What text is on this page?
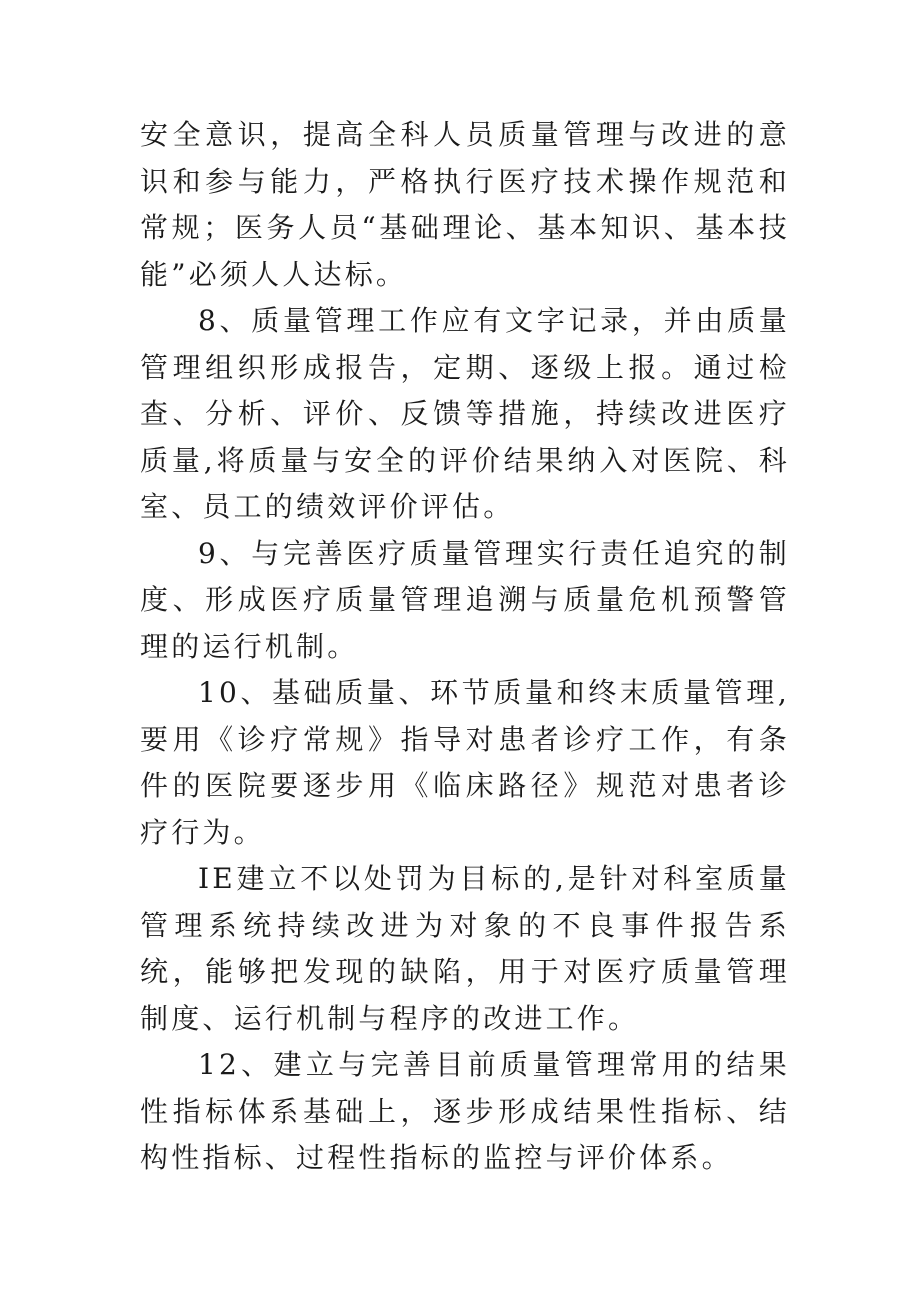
安全意识，提高全科人员质量管理与改进的意识和参与能力，严格执行医疗技术操作规范和常规；医务人员“基础理论、基本知识、基本技能”必须人人达标。

8、质量管理工作应有文字记录，并由质量管理组织形成报告，定期、逐级上报。通过检查、分析、评价、反馈等措施，持续改进医疗质量,将质量与安全的评价结果纳入对医院、科室、员工的绩效评价评估。

9、与完善医疗质量管理实行责任追究的制度、形成医疗质量管理追溯与质量危机预警管理的运行机制。

10、基础质量、环节质量和终末质量管理,要用《诊疗常规》指导对患者诊疗工作，有条件的医院要逐步用《临床路径》规范对患者诊疗行为。

IE建立不以处罚为目标的,是针对科室质量管理系统持续改进为对象的不良事件报告系统，能够把发现的缺陷，用于对医疗质量管理制度、运行机制与程序的改进工作。

12、建立与完善目前质量管理常用的结果性指标体系基础上，逐步形成结果性指标、结构性指标、过程性指标的监控与评价体系。
